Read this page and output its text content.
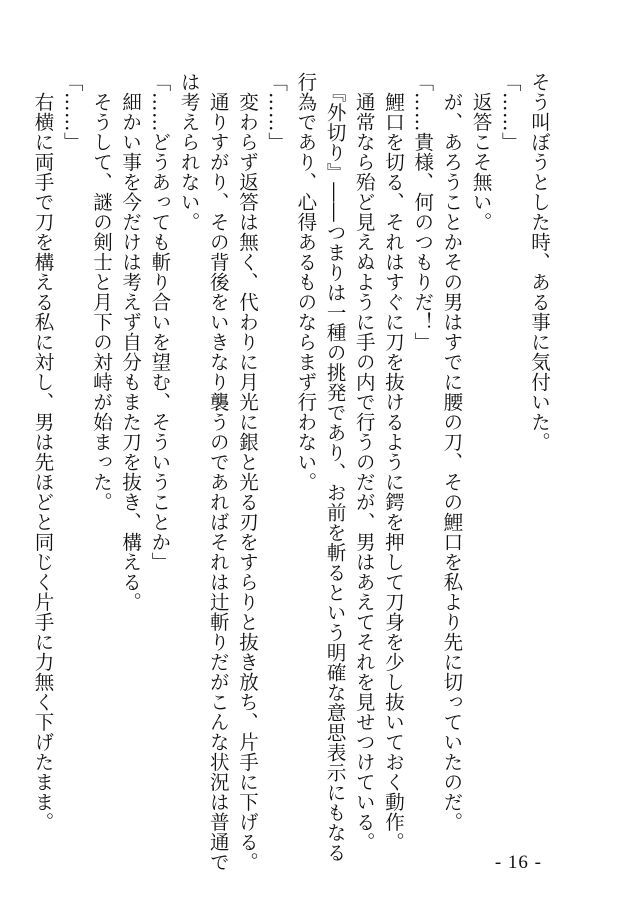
そう叫ぼうとした時、ある事に気付いた。
「……」
　返答こそ無い。
　が、あろうことかその男はすでに腰の刀、その鯉口を私より先に切っていたのだ。
「……貴様、何のつもりだ！」
　鯉口を切る、それはすぐに刀を抜けるように鍔を押して刀身を少し抜いておく動作。
　通常なら殆ど見えぬように手の内で行うのだが、男はあえてそれを見せつけている。
　『外切り』――つまりは一種の挑発であり、お前を斬るという明確な意思表示にもなる
行為であり、心得あるものならまず行わない。
「……」
　変わらず返答は無く、代わりに月光に銀と光る刃をすらりと抜き放ち、片手に下げる。
　通りすがり、その背後をいきなり襲うのであればそれは辻斬りだがこんな状況は普通で
は考えられない。
「……どうあっても斬り合いを望む、そういうことか」
　細かい事を今だけは考えず自分もまた刀を抜き、構える。
　そうして、謎の剣士と月下の対峙が始まった。
「……」
　右横に両手で刀を構える私に対し、男は先ほどと同じく片手に力無く下げたまま。
- 16 -
